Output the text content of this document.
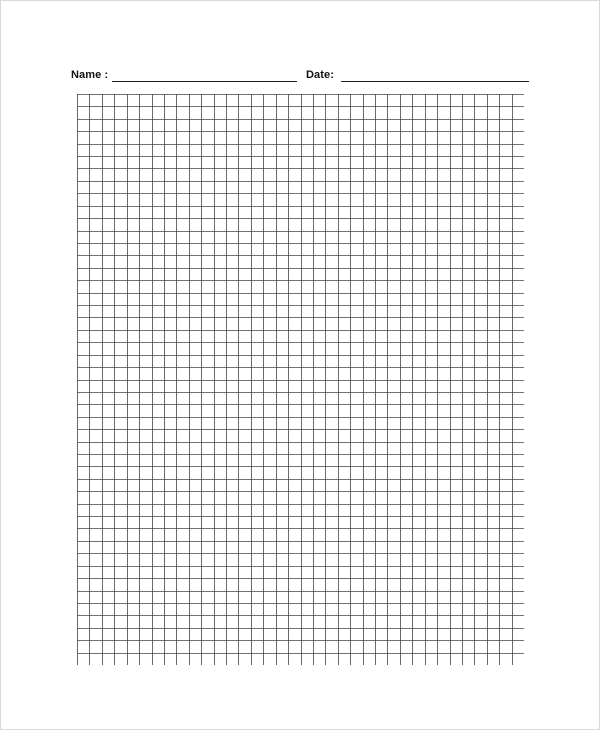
Name :	Date:
